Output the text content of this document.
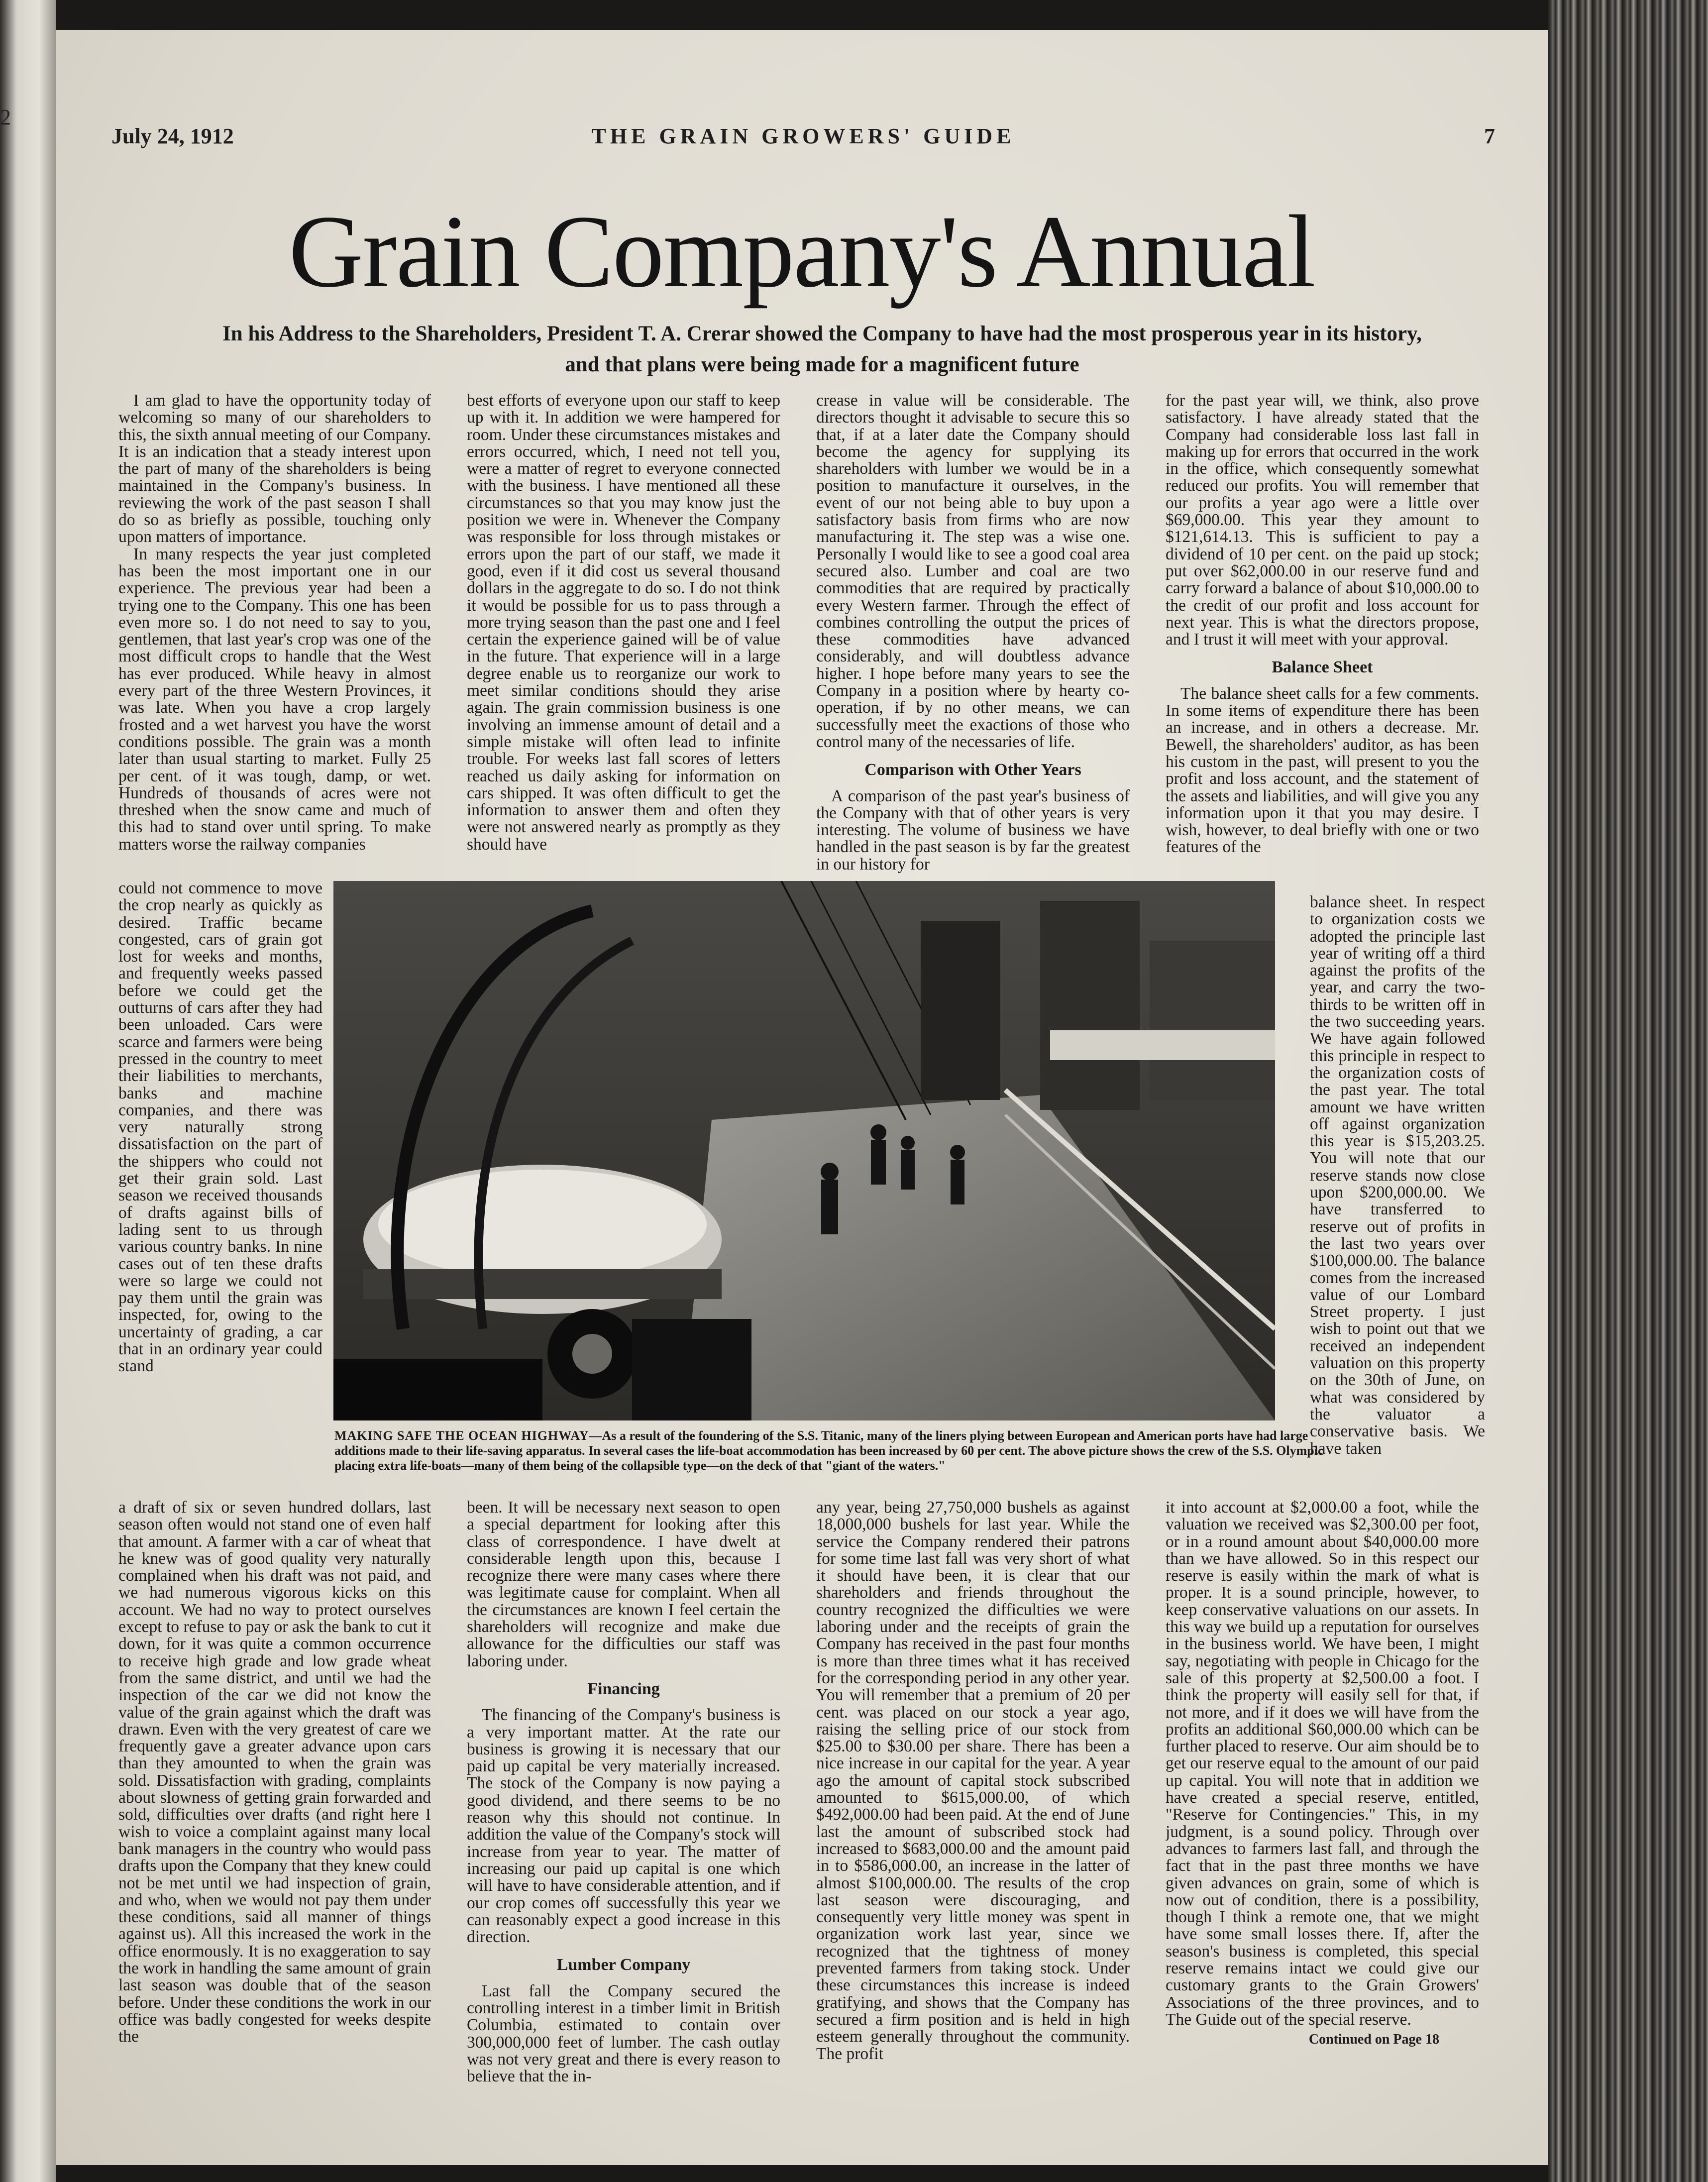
2
THE GRAIN GROWERS' GUIDE
July 24, 1912	7
Grain Company's Annual
In his Address to the Shareholders, President T. A. Crerar showed the Company to have had the most prosperous year in its history, and that plans were being made for a magnificent future

I am glad to have the opportunity today of welcoming so many of our shareholders to this, the sixth annual meeting of our Company. It is an indication that a steady interest upon the part of many of the shareholders is being maintained in the Company's business. In reviewing the work of the past season I shall do so as briefly as possible, touching only upon matters of importance.

In many respects the year just completed has been the most important one in our experience. The previous year had been a trying one to the Company. This one has been even more so. I do not need to say to you, gentlemen, that last year's crop was one of the most difficult crops to handle that the West has ever produced. While heavy in almost every part of the three Western Provinces, it was late. When you have a crop largely frosted and a wet harvest you have the worst conditions possible. The grain was a month later than usual starting to market. Fully 25 per cent. of it was tough, damp, or wet. Hundreds of thousands of acres were not threshed when the snow came and much of this had to stand over until spring. To make matters worse the railway companies

could not commence to move the crop nearly as quickly as desired. Traffic became congested, cars of grain got lost for weeks and months, and frequently weeks passed before we could get the outturns of cars after they had been unloaded. Cars were scarce and farmers were being pressed in the country to meet their liabilities to merchants, banks and machine companies, and there was very naturally strong dissatisfaction on the part of the shippers who could not get their grain sold. Last season we received thousands of drafts against bills of lading sent to us through various country banks. In nine cases out of ten these drafts were so large we could not pay them until the grain was inspected, for, owing to the uncertainty of grading, a car that in an ordinary year could stand

a draft of six or seven hundred dollars, last season often would not stand one of even half that amount. A farmer with a car of wheat that he knew was of good quality very naturally complained when his draft was not paid, and we had numerous vigorous kicks on this account. We had no way to protect ourselves except to refuse to pay or ask the bank to cut it down, for it was quite a common occurrence to receive high grade and low grade wheat from the same district, and until we had the inspection of the car we did not know the value of the grain against which the draft was drawn. Even with the very greatest of care we frequently gave a greater advance upon cars than they amounted to when the grain was sold. Dissatisfaction with grading, complaints about slowness of getting grain forwarded and sold, difficulties over drafts (and right here I wish to voice a complaint against many local bank managers in the country who would pass drafts upon the Company that they knew could not be met until we had inspection of grain, and who, when we would not pay them under these conditions, said all manner of things against us). All this increased the work in the office enormously. It is no exaggeration to say the work in handling the same amount of grain last season was double that of the season before. Under these conditions the work in our office was badly congested for weeks despite the

best efforts of everyone upon our staff to keep up with it. In addition we were hampered for room. Under these circumstances mistakes and errors occurred, which, I need not tell you, were a matter of regret to everyone connected with the business. I have mentioned all these circumstances so that you may know just the position we were in. Whenever the Company was responsible for loss through mistakes or errors upon the part of our staff, we made it good, even if it did cost us several thousand dollars in the aggregate to do so. I do not think it would be possible for us to pass through a more trying season than the past one and I feel certain the experience gained will be of value in the future. That experience will in a large degree enable us to reorganize our work to meet similar conditions should they arise again. The grain commission business is one involving an immense amount of detail and a simple mistake will often lead to infinite trouble. For weeks last fall scores of letters reached us daily asking for information on cars shipped. It was often difficult to get the information to answer them and often they were not answered nearly as promptly as they should have

been. It will be necessary next season to open a special department for looking after this class of correspondence. I have dwelt at considerable length upon this, because I recognize there were many cases where there was legitimate cause for complaint. When all the circumstances are known I feel certain the shareholders will recognize and make due allowance for the difficulties our staff was laboring under.

Financing

The financing of the Company's business is a very important matter. At the rate our business is growing it is necessary that our paid up capital be very materially increased. The stock of the Company is now paying a good dividend, and there seems to be no reason why this should not continue. In addition the value of the Company's stock will increase from year to year. The matter of increasing our paid up capital is one which will have to have considerable attention, and if our crop comes off successfully this year we can reasonably expect a good increase in this direction.

Lumber Company

Last fall the Company secured the controlling interest in a timber limit in British Columbia, estimated to contain over 300,000,000 feet of lumber. The cash outlay was not very great and there is every reason to believe that the in-

crease in value will be considerable. The directors thought it advisable to secure this so that, if at a later date the Company should become the agency for supplying its shareholders with lumber we would be in a position to manufacture it ourselves, in the event of our not being able to buy upon a satisfactory basis from firms who are now manufacturing it. The step was a wise one. Personally I would like to see a good coal area secured also. Lumber and coal are two commodities that are required by practically every Western farmer. Through the effect of combines controlling the output the prices of these commodities have advanced considerably, and will doubtless advance higher. I hope before many years to see the Company in a position where by hearty co-operation, if by no other means, we can successfully meet the exactions of those who control many of the necessaries of life.

Comparison with Other Years

A comparison of the past year's business of the Company with that of other years is very interesting. The volume of business we have handled in the past season is by far the greatest in our history for

any year, being 27,750,000 bushels as against 18,000,000 bushels for last year. While the service the Company rendered their patrons for some time last fall was very short of what it should have been, it is clear that our shareholders and friends throughout the country recognized the difficulties we were laboring under and the receipts of grain the Company has received in the past four months is more than three times what it has received for the corresponding period in any other year. You will remember that a premium of 20 per cent. was placed on our stock a year ago, raising the selling price of our stock from $25.00 to $30.00 per share. There has been a nice increase in our capital for the year. A year ago the amount of capital stock subscribed amounted to $615,000.00, of which $492,000.00 had been paid. At the end of June last the amount of subscribed stock had increased to $683,000.00 and the amount paid in to $586,000.00, an increase in the latter of almost $100,000.00. The results of the crop last season were discouraging, and consequently very little money was spent in organization work last year, since we recognized that the tightness of money prevented farmers from taking stock. Under these circumstances this increase is indeed gratifying, and shows that the Company has secured a firm position and is held in high esteem generally throughout the community. The profit

for the past year will, we think, also prove satisfactory. I have already stated that the Company had considerable loss last fall in making up for errors that occurred in the work in the office, which consequently somewhat reduced our profits. You will remember that our profits a year ago were a little over $69,000.00. This year they amount to $121,614.13. This is sufficient to pay a dividend of 10 per cent. on the paid up stock; put over $62,000.00 in our reserve fund and carry forward a balance of about $10,000.00 to the credit of our profit and loss account for next year. This is what the directors propose, and I trust it will meet with your approval.

Balance Sheet

The balance sheet calls for a few comments. In some items of expenditure there has been an increase, and in others a decrease. Mr. Bewell, the shareholders' auditor, as has been his custom in the past, will present to you the profit and loss account, and the statement of the assets and liabilities, and will give you any information upon it that you may desire. I wish, however, to deal briefly with one or two features of the

balance sheet. In respect to organization costs we adopted the principle last year of writing off a third against the profits of the year, and carry the two-thirds to be written off in the two succeeding years. We have again followed this principle in respect to the organization costs of the past year. The total amount we have written off against organization this year is $15,203.25. You will note that our reserve stands now close upon $200,000.00. We have transferred to reserve out of profits in the last two years over $100,000.00. The balance comes from the increased value of our Lombard Street property. I just wish to point out that we received an independent valuation on this property on the 30th of June, on what was considered by the valuator a conservative basis. We have taken

it into account at $2,000.00 a foot, while the valuation we received was $2,300.00 per foot, or in a round amount about $40,000.00 more than we have allowed. So in this respect our reserve is easily within the mark of what is proper. It is a sound principle, however, to keep conservative valuations on our assets. In this way we build up a reputation for ourselves in the business world. We have been, I might say, negotiating with people in Chicago for the sale of this property at $2,500.00 a foot. I think the property will easily sell for that, if not more, and if it does we will have from the profits an additional $60,000.00 which can be further placed to reserve. Our aim should be to get our reserve equal to the amount of our paid up capital. You will note that in addition we have created a special reserve, entitled, "Reserve for Contingencies." This, in my judgment, is a sound policy. Through over advances to farmers last fall, and through the fact that in the past three months we have given advances on grain, some of which is now out of condition, there is a possibility, though I think a remote one, that we might have some small losses there. If, after the season's business is completed, this special reserve remains intact we could give our customary grants to the Grain Growers' Associations of the three provinces, and to The Guide out of the special reserve.

Continued on Page 18

MAKING SAFE THE OCEAN HIGHWAY—As a result of the foundering of the S.S. Titanic, many of the liners plying between European and American ports have had large additions made to their life-saving apparatus. In several cases the life-boat accommodation has been increased by 60 per cent. The above picture shows the crew of the S.S. Olympic placing extra life-boats—many of them being of the collapsible type—on the deck of that "giant of the waters."
